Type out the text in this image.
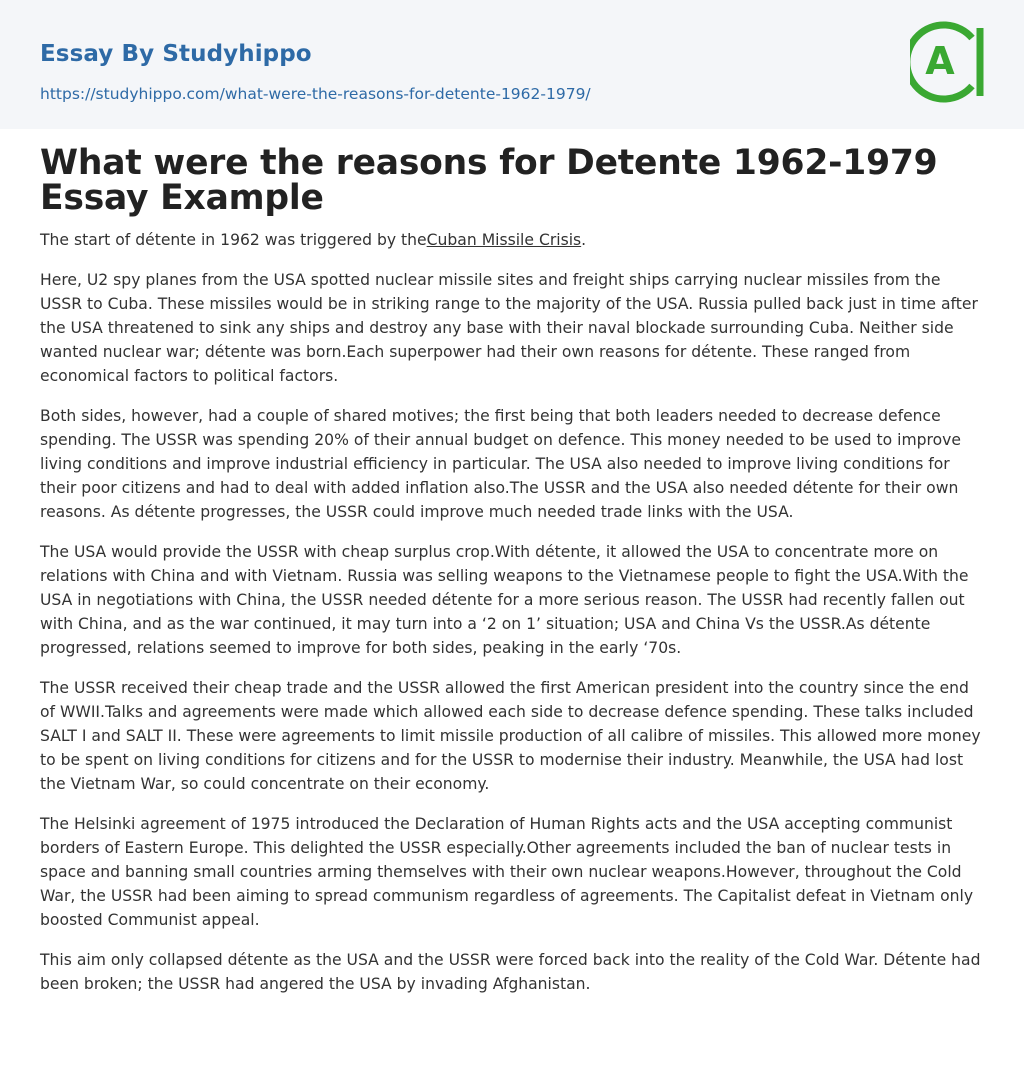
Essay By Studyhippo
https://studyhippo.com/what-were-the-reasons-for-detente-1962-1979/
A
What were the reasons for Detente 1962-1979 Essay Example

The start of détente in 1962 was triggered by theCuban Missile Crisis.

Here, U2 spy planes from the USA spotted nuclear missile sites and freight ships carrying nuclear missiles from the USSR to Cuba. These missiles would be in striking range to the majority of the USA. Russia pulled back just in time after the USA threatened to sink any ships and destroy any base with their naval blockade surrounding Cuba. Neither side wanted nuclear war; détente was born.Each superpower had their own reasons for détente. These ranged from economical factors to political factors.

Both sides, however, had a couple of shared motives; the first being that both leaders needed to decrease defence spending. The USSR was spending 20% of their annual budget on defence. This money needed to be used to improve living conditions and improve industrial efficiency in particular. The USA also needed to improve living conditions for their poor citizens and had to deal with added inflation also.The USSR and the USA also needed détente for their own reasons. As détente progresses, the USSR could improve much needed trade links with the USA.

The USA would provide the USSR with cheap surplus crop.With détente, it allowed the USA to concentrate more on relations with China and with Vietnam. Russia was selling weapons to the Vietnamese people to fight the USA.With the USA in negotiations with China, the USSR needed détente for a more serious reason. The USSR had recently fallen out with China, and as the war continued, it may turn into a ‘2 on 1’ situation; USA and China Vs the USSR.As détente progressed, relations seemed to improve for both sides, peaking in the early ‘70s.

The USSR received their cheap trade and the USSR allowed the first American president into the country since the end of WWII.Talks and agreements were made which allowed each side to decrease defence spending. These talks included SALT I and SALT II. These were agreements to limit missile production of all calibre of missiles. This allowed more money to be spent on living conditions for citizens and for the USSR to modernise their industry. Meanwhile, the USA had lost the Vietnam War, so could concentrate on their economy.

The Helsinki agreement of 1975 introduced the Declaration of Human Rights acts and the USA accepting communist borders of Eastern Europe. This delighted the USSR especially.Other agreements included the ban of nuclear tests in space and banning small countries arming themselves with their own nuclear weapons.However, throughout the Cold War, the USSR had been aiming to spread communism regardless of agreements. The Capitalist defeat in Vietnam only boosted Communist appeal.

This aim only collapsed détente as the USA and the USSR were forced back into the reality of the Cold War. Détente had been broken; the USSR had angered the USA by invading Afghanistan.
